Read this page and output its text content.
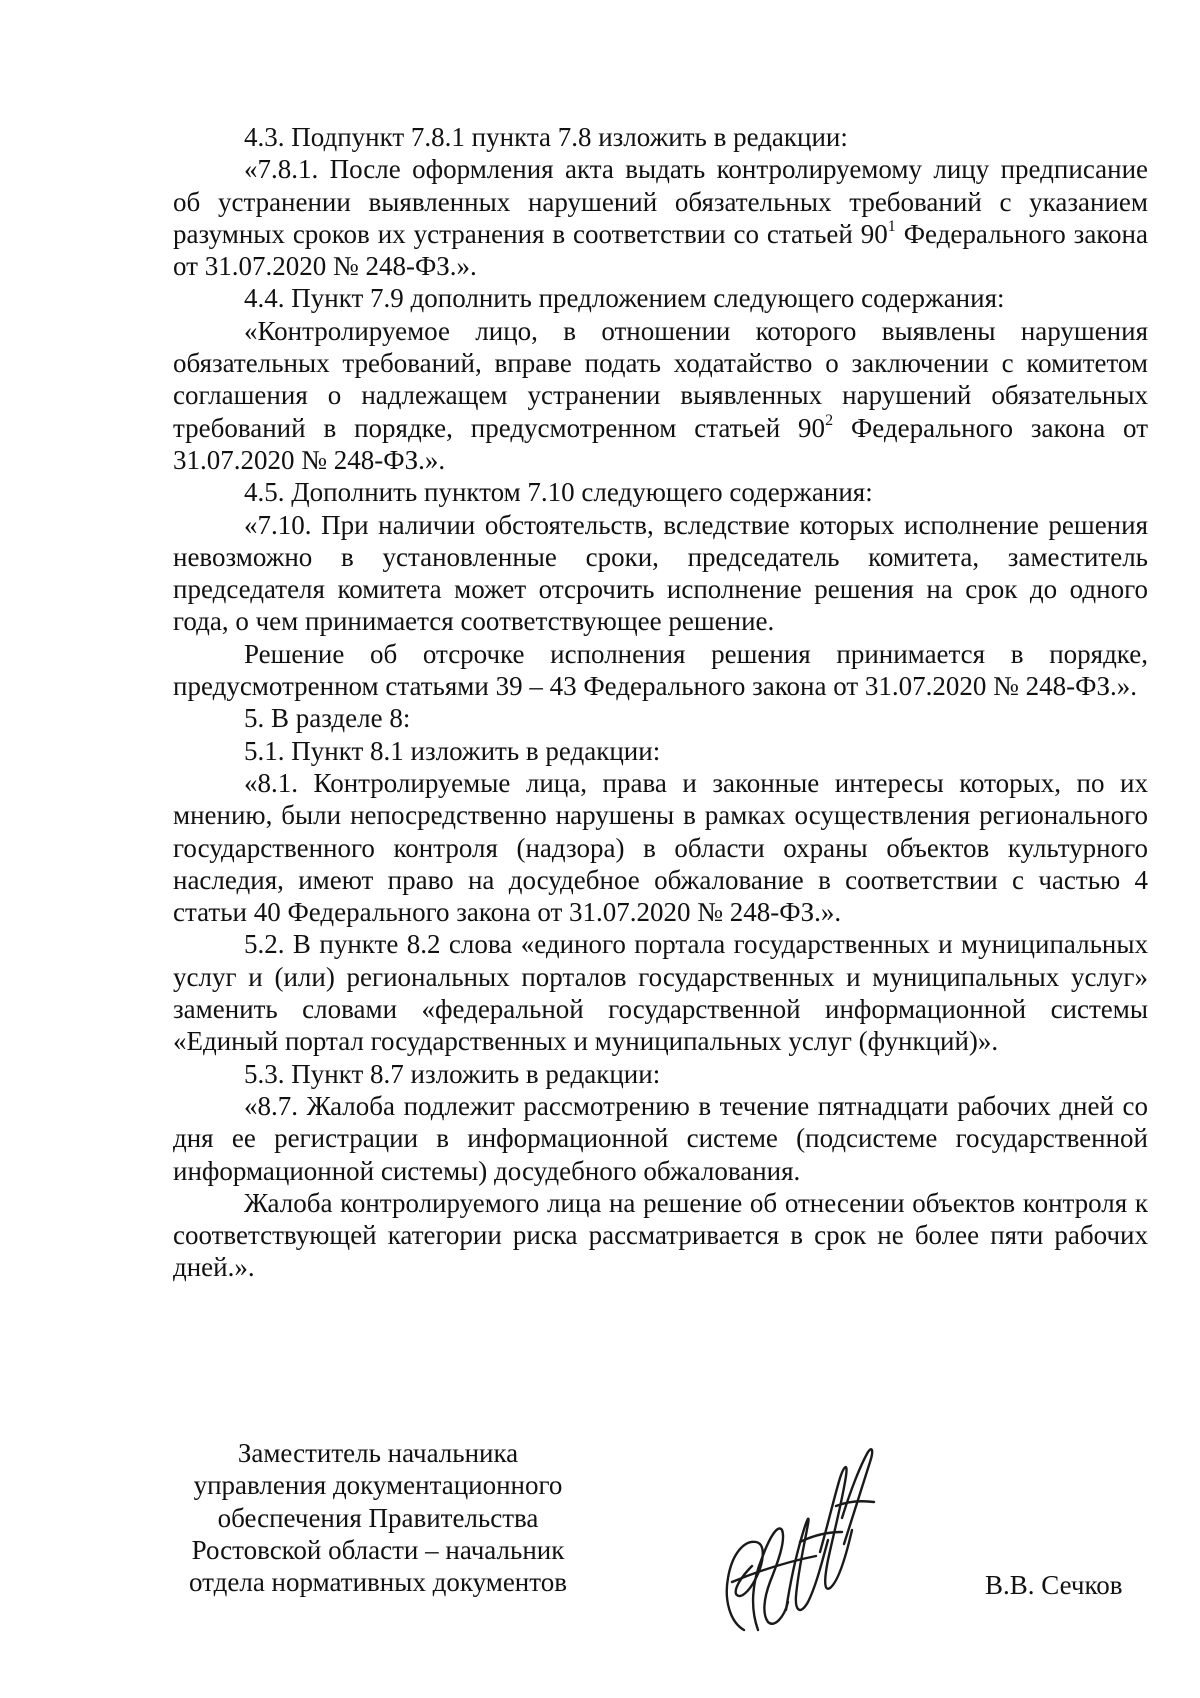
4.3. Подпункт 7.8.1 пункта 7.8 изложить в редакции:

«7.8.1. После оформления акта выдать контролируемому лицу предписание об устранении выявленных нарушений обязательных требований с указанием разумных сроков их устранения в соответствии со статьей $90^1$ Федерального закона от 31.07.2020 № 248-ФЗ.».

4.4. Пункт 7.9 дополнить предложением следующего содержания:

«Контролируемое лицо, в отношении которого выявлены нарушения обязательных требований, вправе подать ходатайство о заключении с комитетом соглашения о надлежащем устранении выявленных нарушений обязательных требований в порядке, предусмотренном статьей $90^2$ Федерального закона от 31.07.2020 № 248-ФЗ.».

4.5. Дополнить пунктом 7.10 следующего содержания:

«7.10. При наличии обстоятельств, вследствие которых исполнение решения невозможно в установленные сроки, председатель комитета, заместитель председателя комитета может отсрочить исполнение решения на срок до одного года, о чем принимается соответствующее решение.

Решение об отсрочке исполнения решения принимается в порядке, предусмотренном статьями 39 – 43 Федерального закона от 31.07.2020 № 248-ФЗ.».

5. В разделе 8:

5.1. Пункт 8.1 изложить в редакции:

«8.1. Контролируемые лица, права и законные интересы которых, по их мнению, были непосредственно нарушены в рамках осуществления регионального государственного контроля (надзора) в области охраны объектов культурного наследия, имеют право на досудебное обжалование в соответствии с частью 4 статьи 40 Федерального закона от 31.07.2020 № 248-ФЗ.».

5.2. В пункте 8.2 слова «единого портала государственных и муниципальных услуг и (или) региональных порталов государственных и муниципальных услуг» заменить словами «федеральной государственной информационной системы «Единый портал государственных и муниципальных услуг (функций)».

5.3. Пункт 8.7 изложить в редакции:

«8.7. Жалоба подлежит рассмотрению в течение пятнадцати рабочих дней со дня ее регистрации в информационной системе (подсистеме государственной информационной системы) досудебного обжалования.

Жалоба контролируемого лица на решение об отнесении объектов контроля к соответствующей категории риска рассматривается в срок не более пяти рабочих дней.».

Заместитель начальника
управления документационного
обеспечения Правительства
Ростовской области – начальник
отдела нормативных документов	В.В. Сечков
